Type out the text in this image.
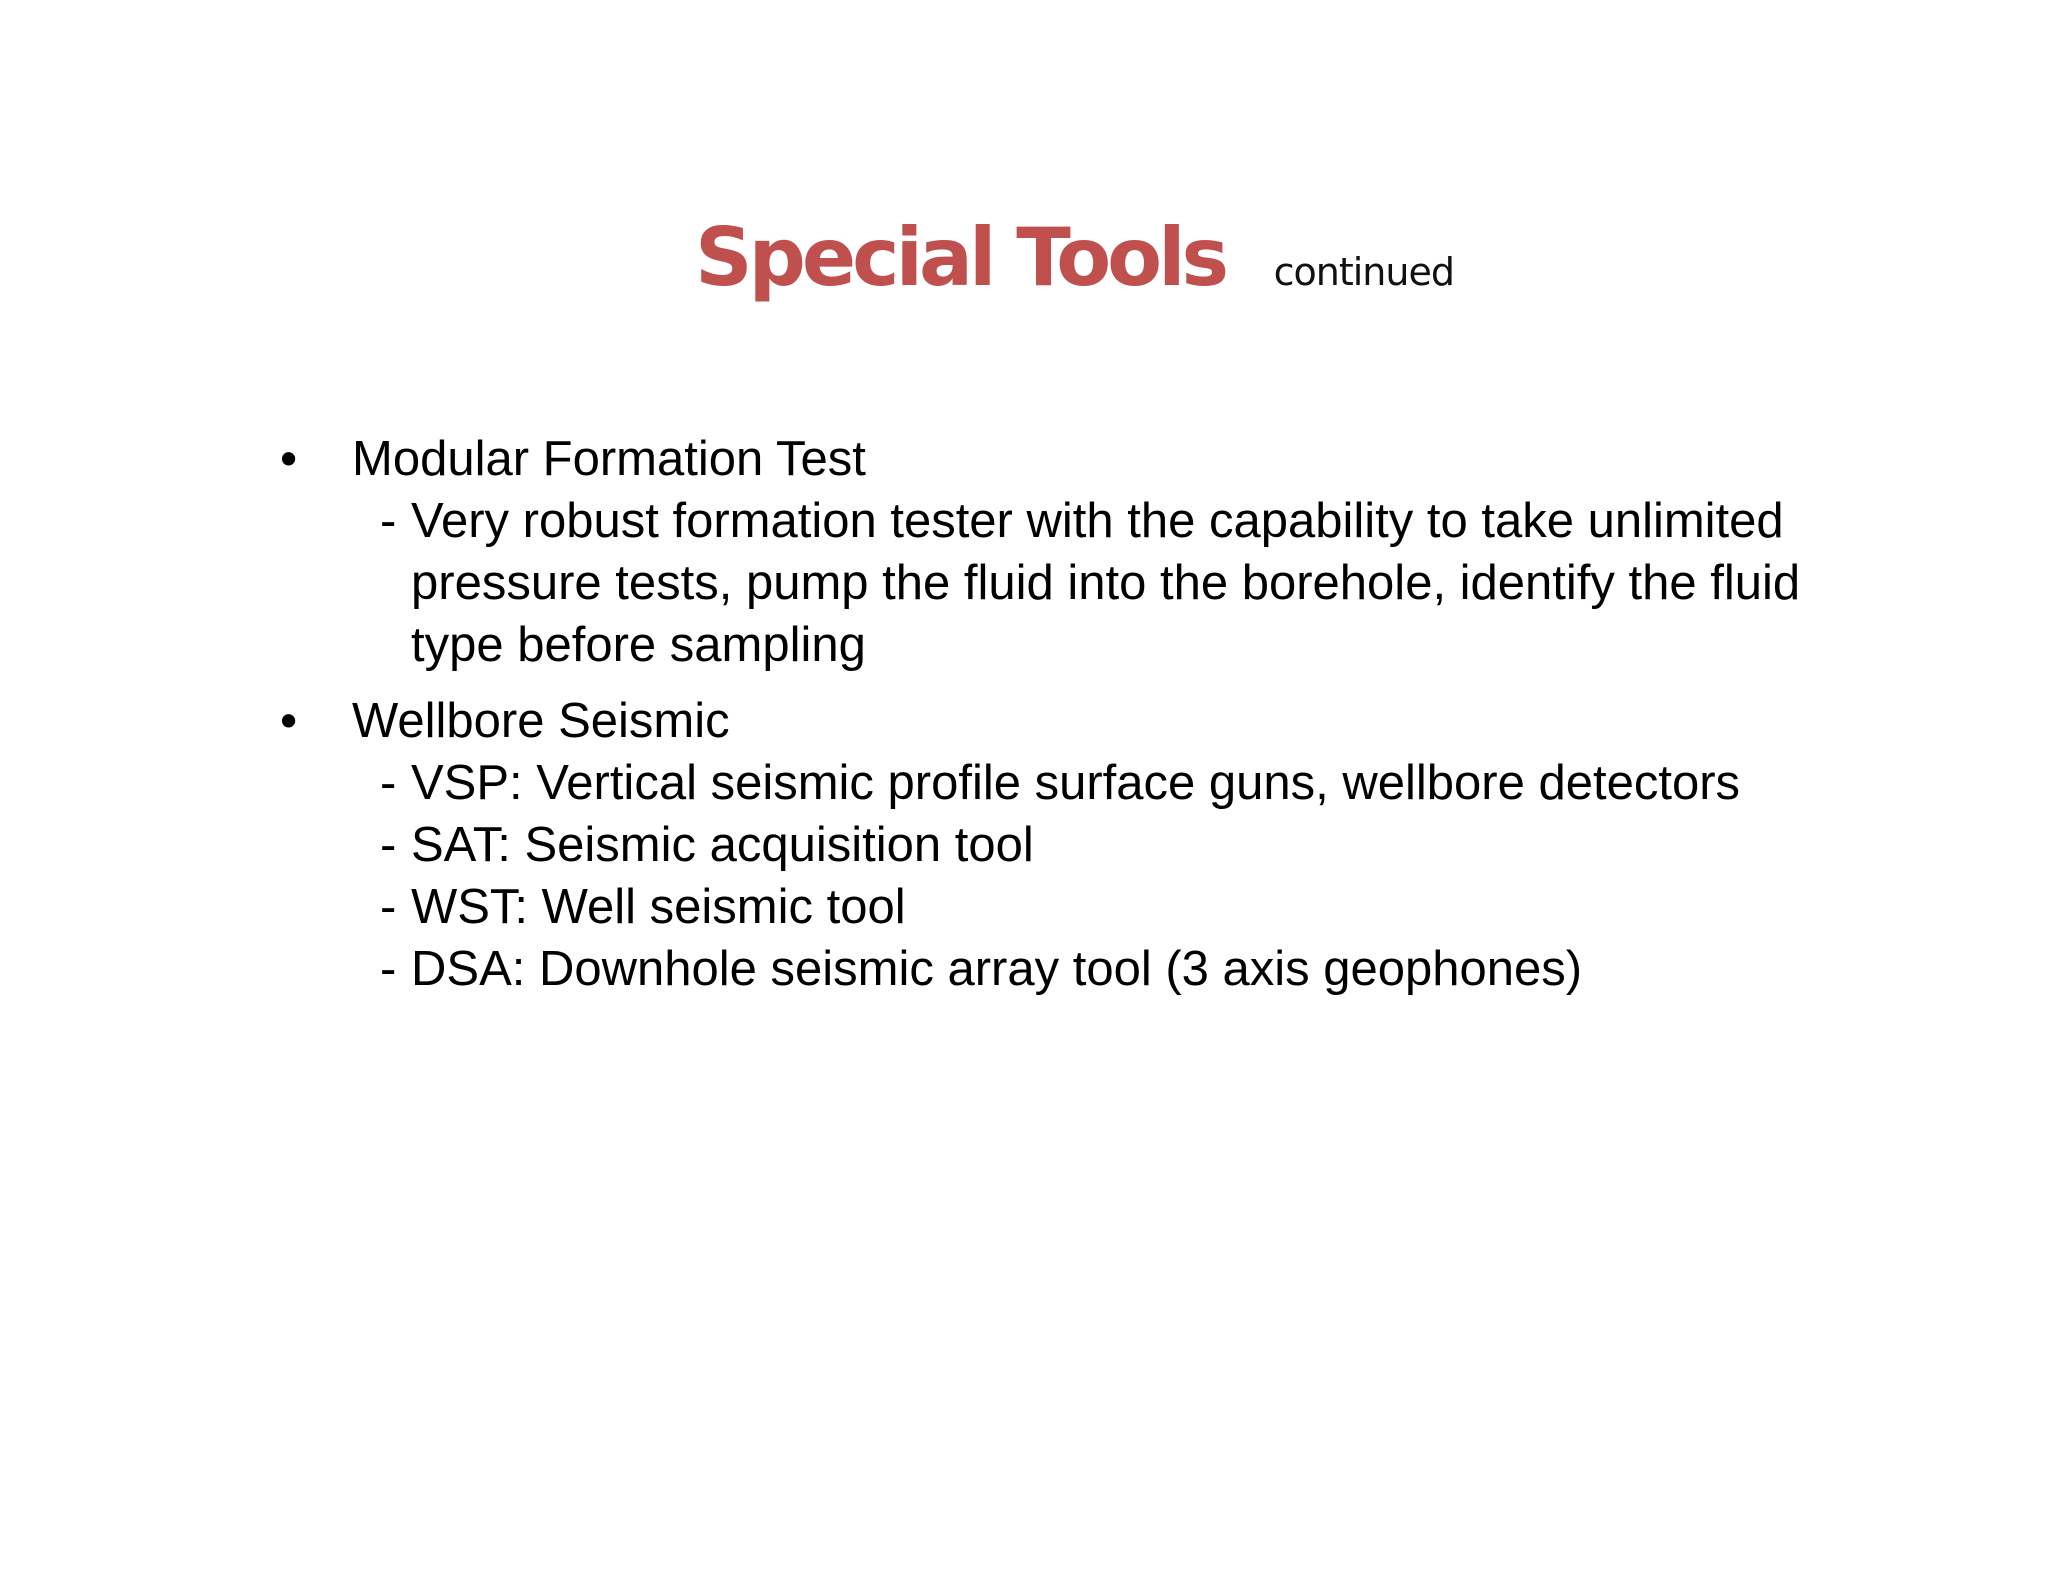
Special Tools continued
•	Modular Formation Test
- Very robust formation tester with the capability to take unlimited pressure tests, pump the fluid into the borehole, identify the fluid type before sampling
•	Wellbore Seismic
- VSP: Vertical seismic profile surface guns, wellbore detectors
- SAT: Seismic acquisition tool
- WST: Well seismic tool
- DSA: Downhole seismic array tool (3 axis geophones)
